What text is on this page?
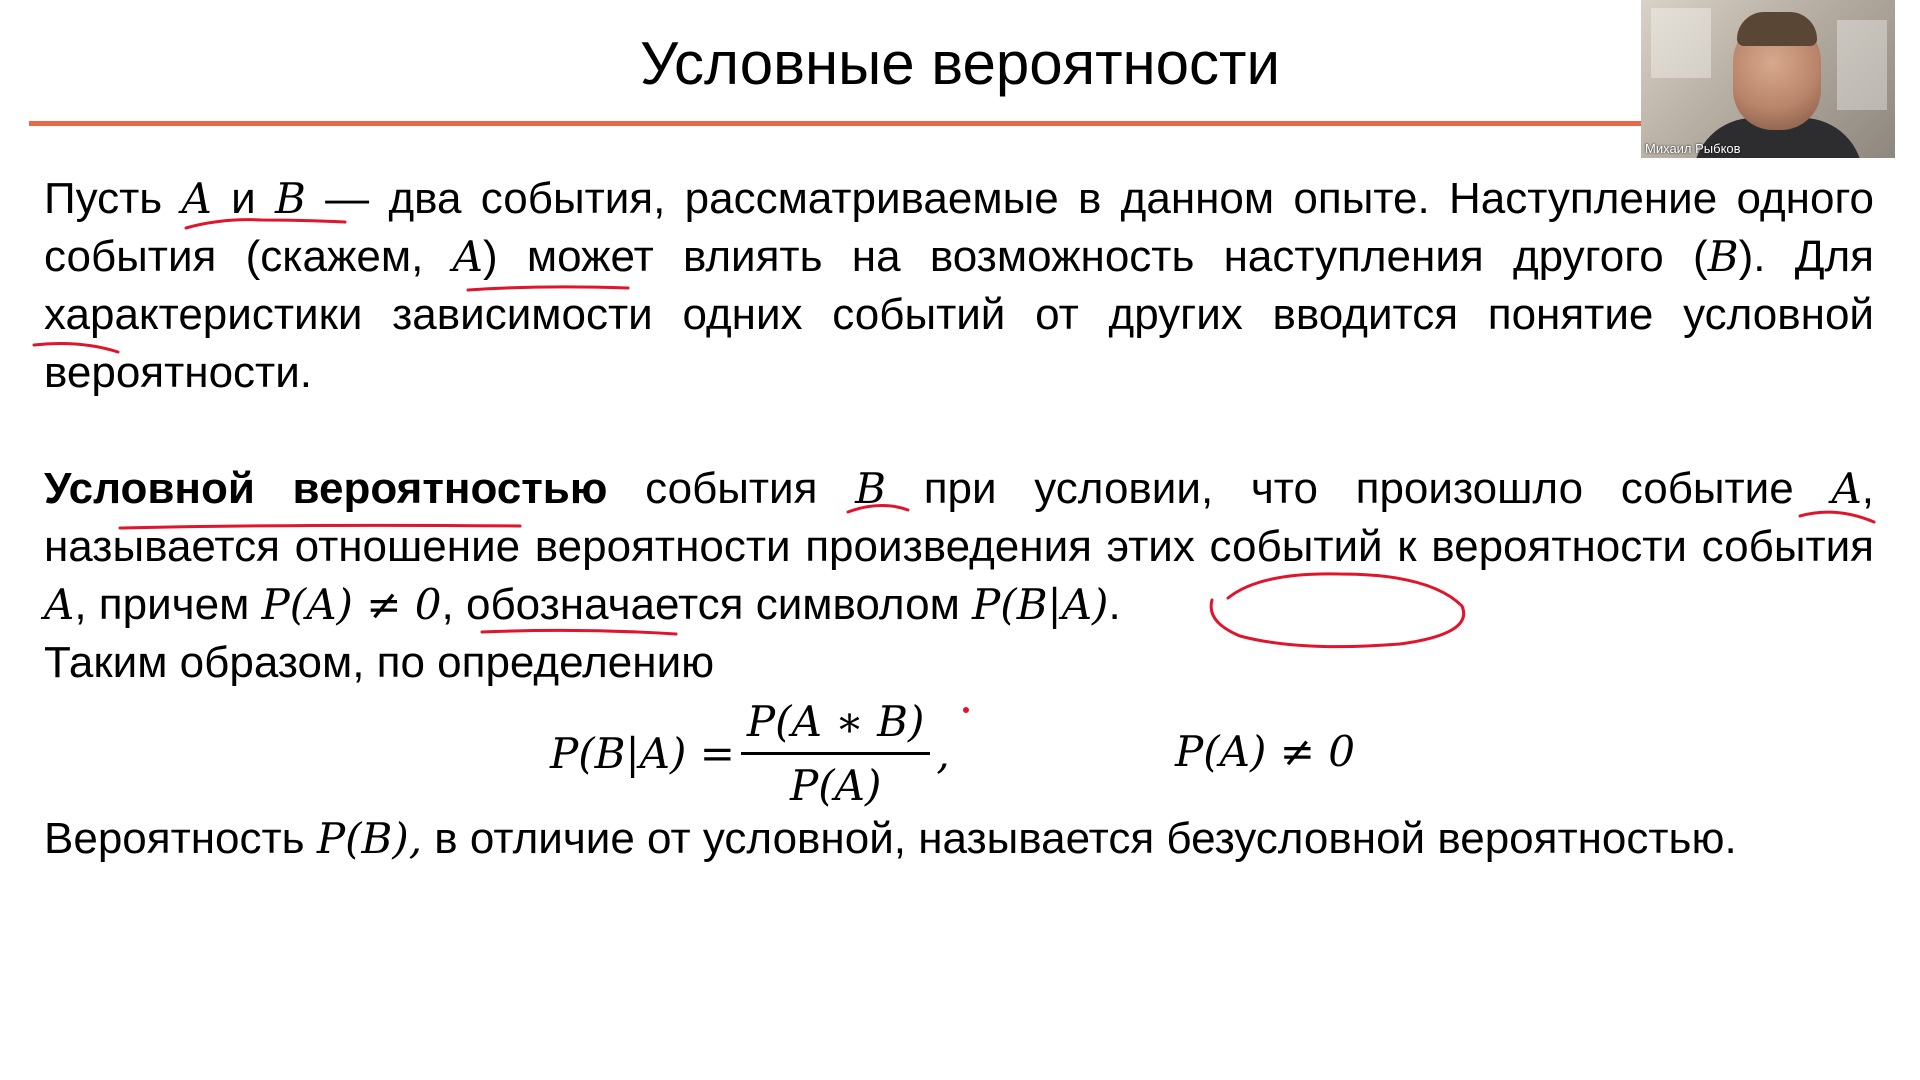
Условные вероятности
Михаил Рыбков

Пусть A и B — два события, рассматриваемые в данном опыте. Наступление одного события (скажем, A) может влиять на возможность наступления другого (B). Для характеристики зависимости одних событий от других вводится понятие условной вероятности.

Условной вероятностью события B при условии, что произошло событие A, называется отношение вероятности произведения этих событий к вероятности события A, причем P(A) ≠ 0, обозначается символом P(B|A).

Таким образом, по определению

$P(B|A) = \frac{P(A ∗ B)}{P(A)}$ ,	P(A) ≠ 0

Вероятность P(B), в отличие от условной, называется безусловной вероятностью.
